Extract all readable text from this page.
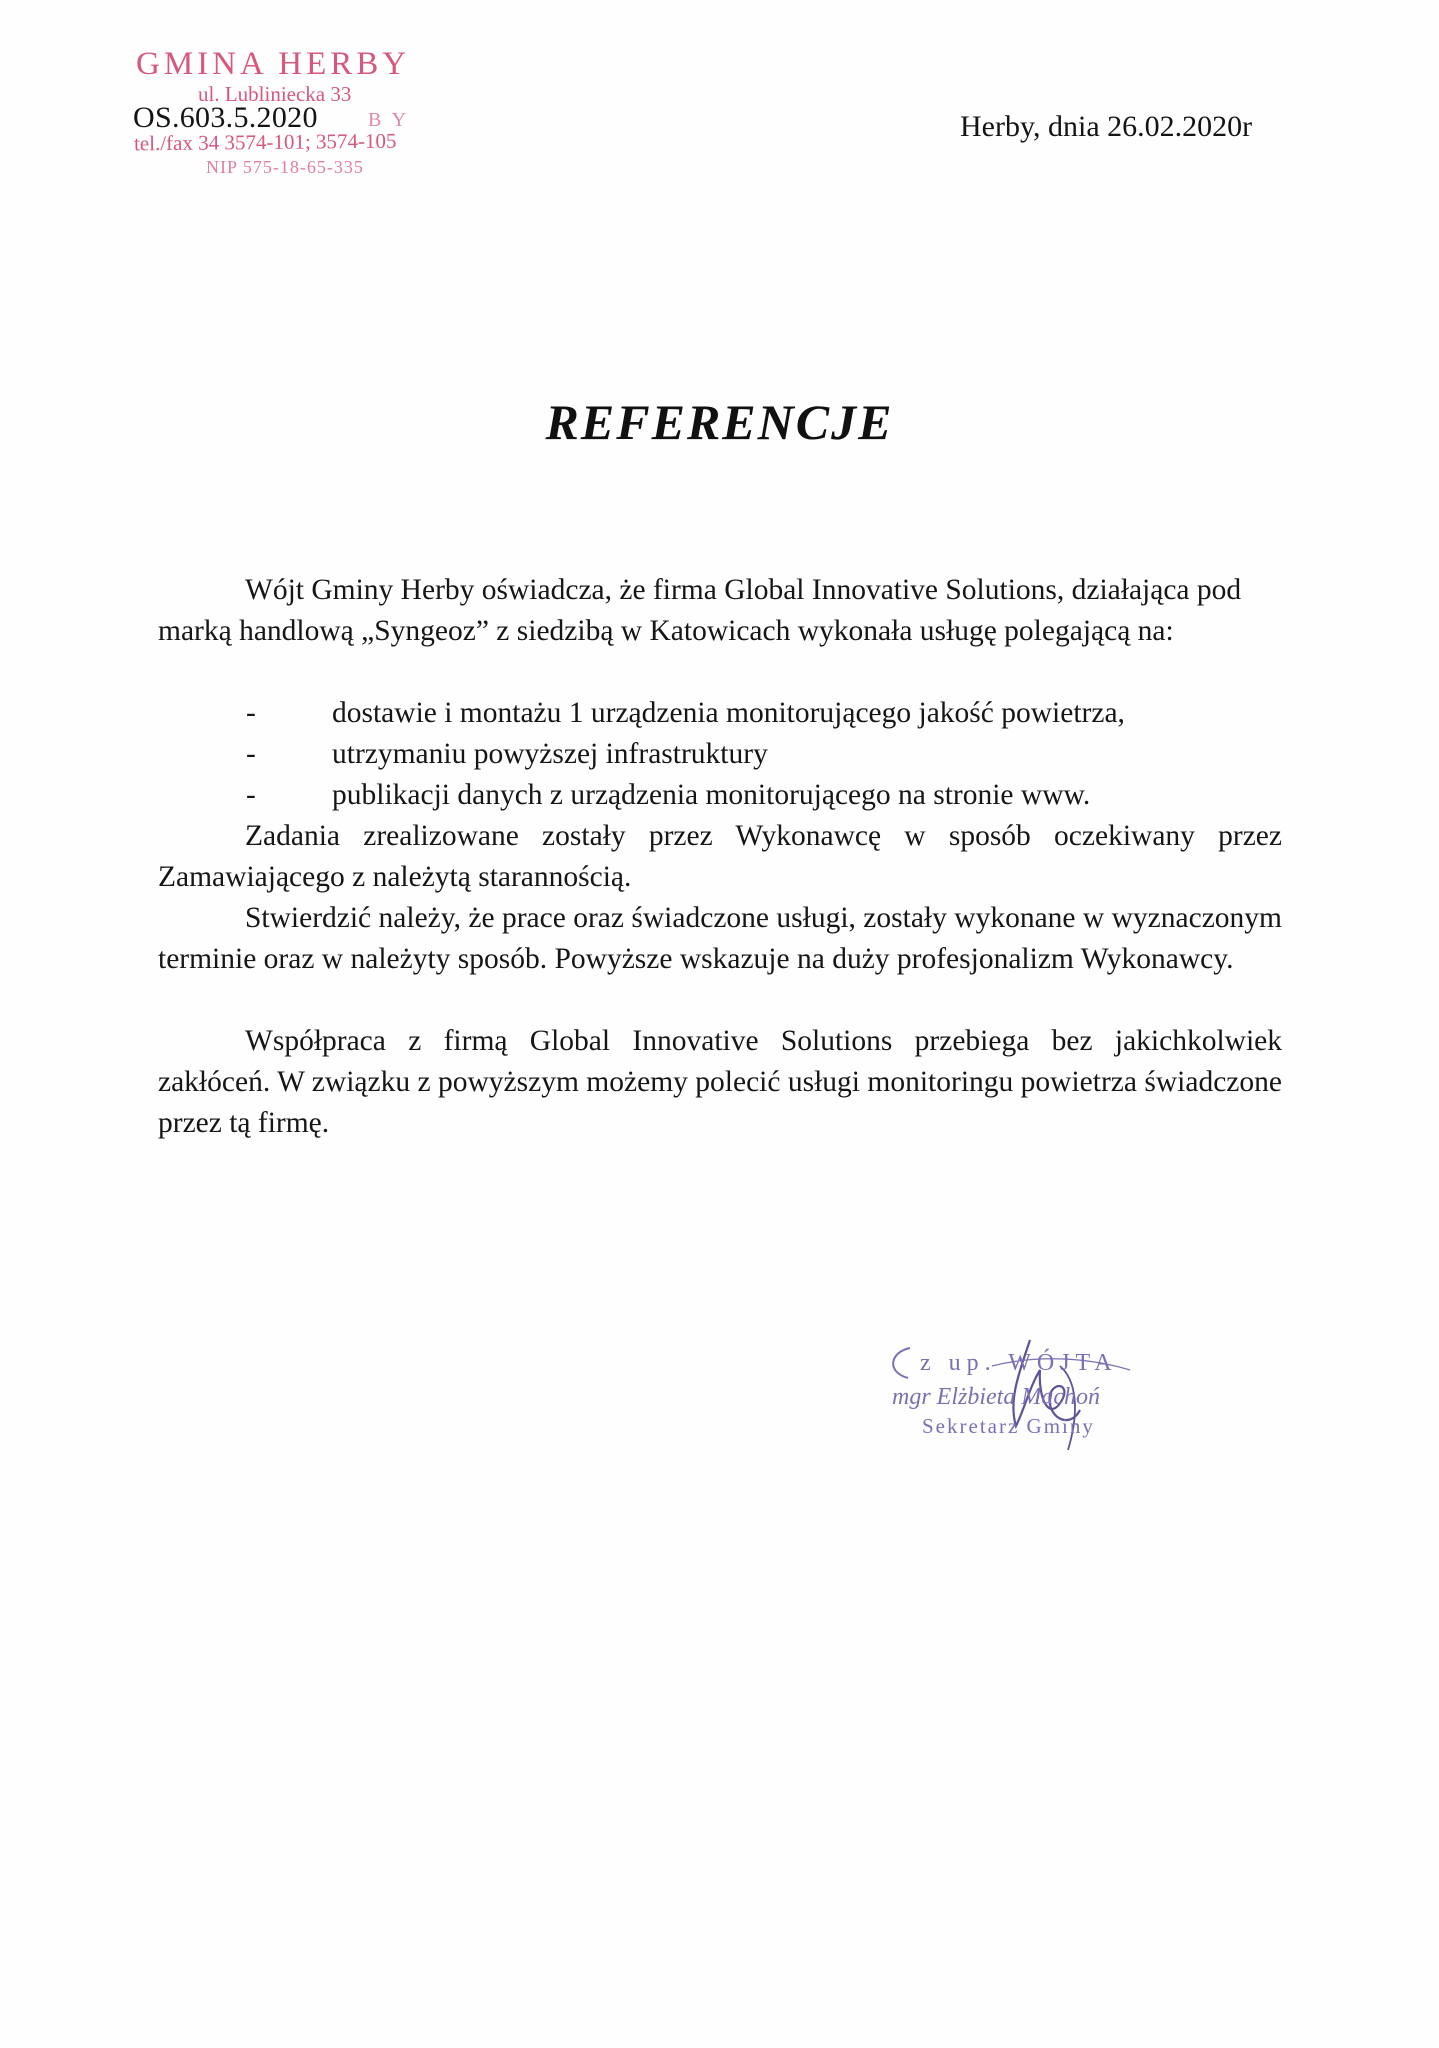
GMINA HERBY
ul. Lubliniecka 33
B Y
tel./fax 34 3574-101; 3574-105
NIP 575-18-65-335
OS.603.5.2020	Herby, dnia 26.02.2020r
REFERENCJE

Wójt Gminy Herby oświadcza, że firma Global Innovative Solutions, działająca pod marką handlową „Syngeoz” z siedzibą w Katowicach wykonała usługę polegającą na:

-	dostawie i montażu 1 urządzenia monitorującego jakość powietrza,
-	utrzymaniu powyższej infrastruktury
-	publikacji danych z urządzenia monitorującego na stronie www.

Zadania zrealizowane zostały przez Wykonawcę w sposób oczekiwany przez Zamawiającego z należytą starannością.

Stwierdzić należy, że prace oraz świadczone usługi, zostały wykonane w wyznaczonym terminie oraz w należyty sposób. Powyższe wskazuje na duży profesjonalizm Wykonawcy.

Współpraca z firmą Global Innovative Solutions przebiega bez jakichkolwiek zakłóceń. W związku z powyższym możemy polecić usługi monitoringu powietrza świadczone przez tą firmę.

z up. WÓJTA
mgr Elżbieta Machoń
Sekretarz Gminy
